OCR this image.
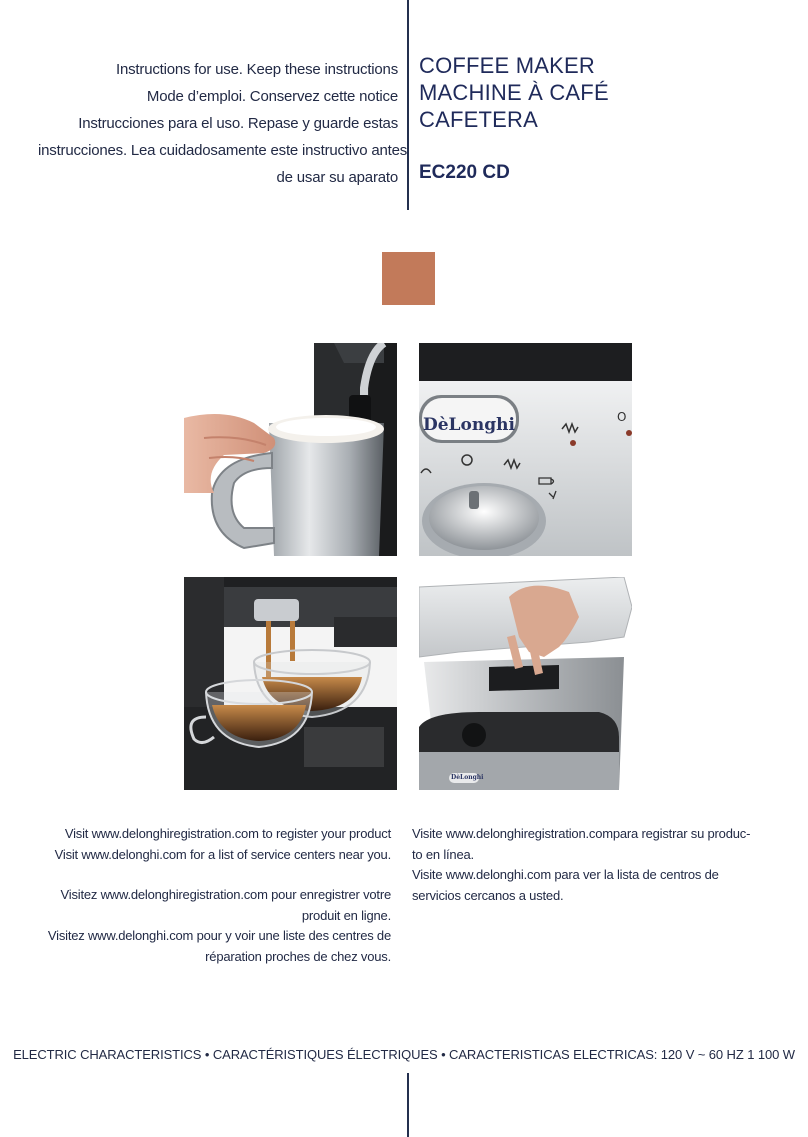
Instructions for use. Keep these instructions
Mode d’emploi. Conservez cette notice
Instrucciones para el uso. Repase y guarde estas
instrucciones. Lea cuidadosamente este instructivo antes
de usar su aparato
COFFEE MAKER
MACHINE À CAFÉ
CAFETERA
EC220 CD
DèLonghi	O
DèLonghi
Visit www.delonghiregistration.com to register your product
Visit www.delonghi.com for a list of service centers near you.
Visitez www.delonghiregistration.com pour enregistrer votre
produit en ligne.
Visitez www.delonghi.com pour y voir une liste des centres de
réparation proches de chez vous.
Visite www.delonghiregistration.compara registrar su produc-
to en línea.
Visite www.delonghi.com para ver la lista de centros de
servicios cercanos a usted.
ELECTRIC CHARACTERISTICS • CARACTÉRISTIQUES ÉLECTRIQUES • CARACTERISTICAS ELECTRICAS: 120 V ~ 60 HZ 1 100 W
